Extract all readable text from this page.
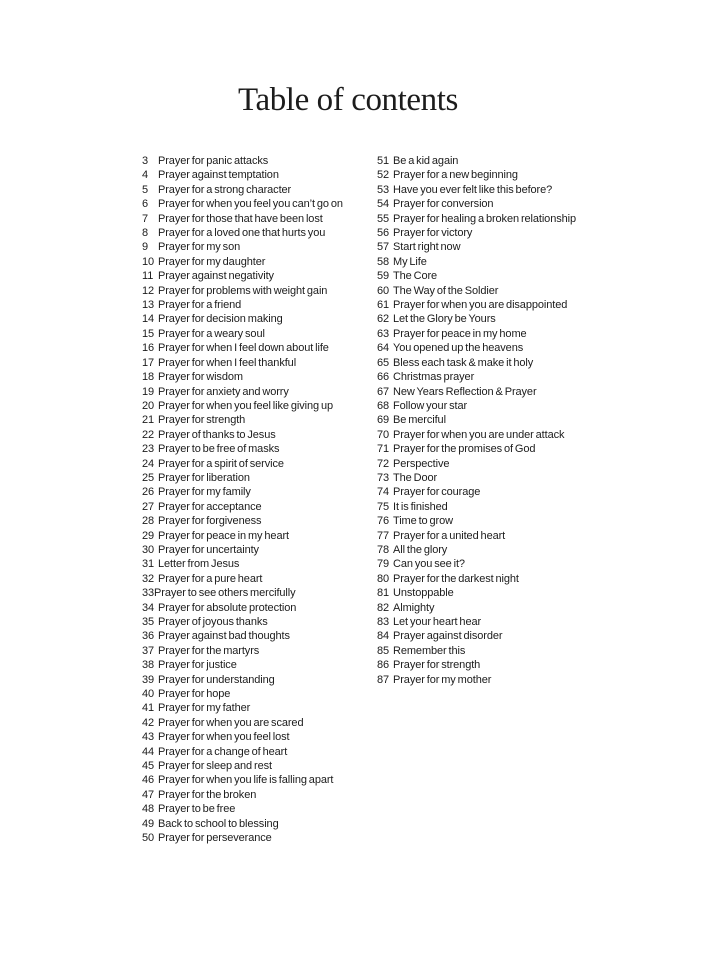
Table of contents
3 Prayer for panic attacks
4 Prayer against temptation
5 Prayer for a strong character
6 Prayer for when you feel you can’t go on
7 Prayer for those that have been lost
8 Prayer for a loved one that hurts you
9 Prayer for my son
10 Prayer for my daughter
11 Prayer against negativity
12 Prayer for problems with weight gain
13 Prayer for a friend
14 Prayer for decision making
15 Prayer for a weary soul
16 Prayer for when I feel down about life
17 Prayer for when I feel thankful
18 Prayer for wisdom
19 Prayer for anxiety and worry
20 Prayer for when you feel like giving up
21 Prayer for strength
22 Prayer of thanks to Jesus
23 Prayer to be free of masks
24 Prayer for a spirit of service
25 Prayer for liberation
26 Prayer for my family
27 Prayer for acceptance
28 Prayer for forgiveness
29 Prayer for peace in my heart
30 Prayer for uncertainty
31 Letter from Jesus
32 Prayer for a pure heart
33Prayer to see others mercifully
34 Prayer for absolute protection
35 Prayer of joyous thanks
36 Prayer against bad thoughts
37 Prayer for the martyrs
38 Prayer for justice
39 Prayer for understanding
40 Prayer for hope
41 Prayer for my father
42 Prayer for when you are scared
43 Prayer for when you feel lost
44 Prayer for a change of heart
45 Prayer for sleep and rest
46 Prayer for when you life is falling apart
47 Prayer for the broken
48 Prayer to be free
49 Back to school to blessing
50 Prayer for perseverance
51 Be a kid again
52 Prayer for a new beginning
53 Have you ever felt like this before?
54 Prayer for conversion
55 Prayer for healing a broken relationship
56 Prayer for victory
57 Start right now
58 My Life
59 The Core
60 The Way of the Soldier
61 Prayer for when you are disappointed
62 Let the Glory be Yours
63 Prayer for peace in my home
64 You opened up the heavens
65 Bless each task & make it holy
66 Christmas prayer
67 New Years Reflection & Prayer
68 Follow your star
69 Be merciful
70 Prayer for when you are under attack
71 Prayer for the promises of God
72 Perspective
73 The Door
74 Prayer for courage
75 It is finished
76 Time to grow
77 Prayer for a united heart
78 All the glory
79 Can you see it?
80 Prayer for the darkest night
81 Unstoppable
82 Almighty
83 Let your heart hear
84 Prayer against disorder
85 Remember this
86 Prayer for strength
87 Prayer for my mother
